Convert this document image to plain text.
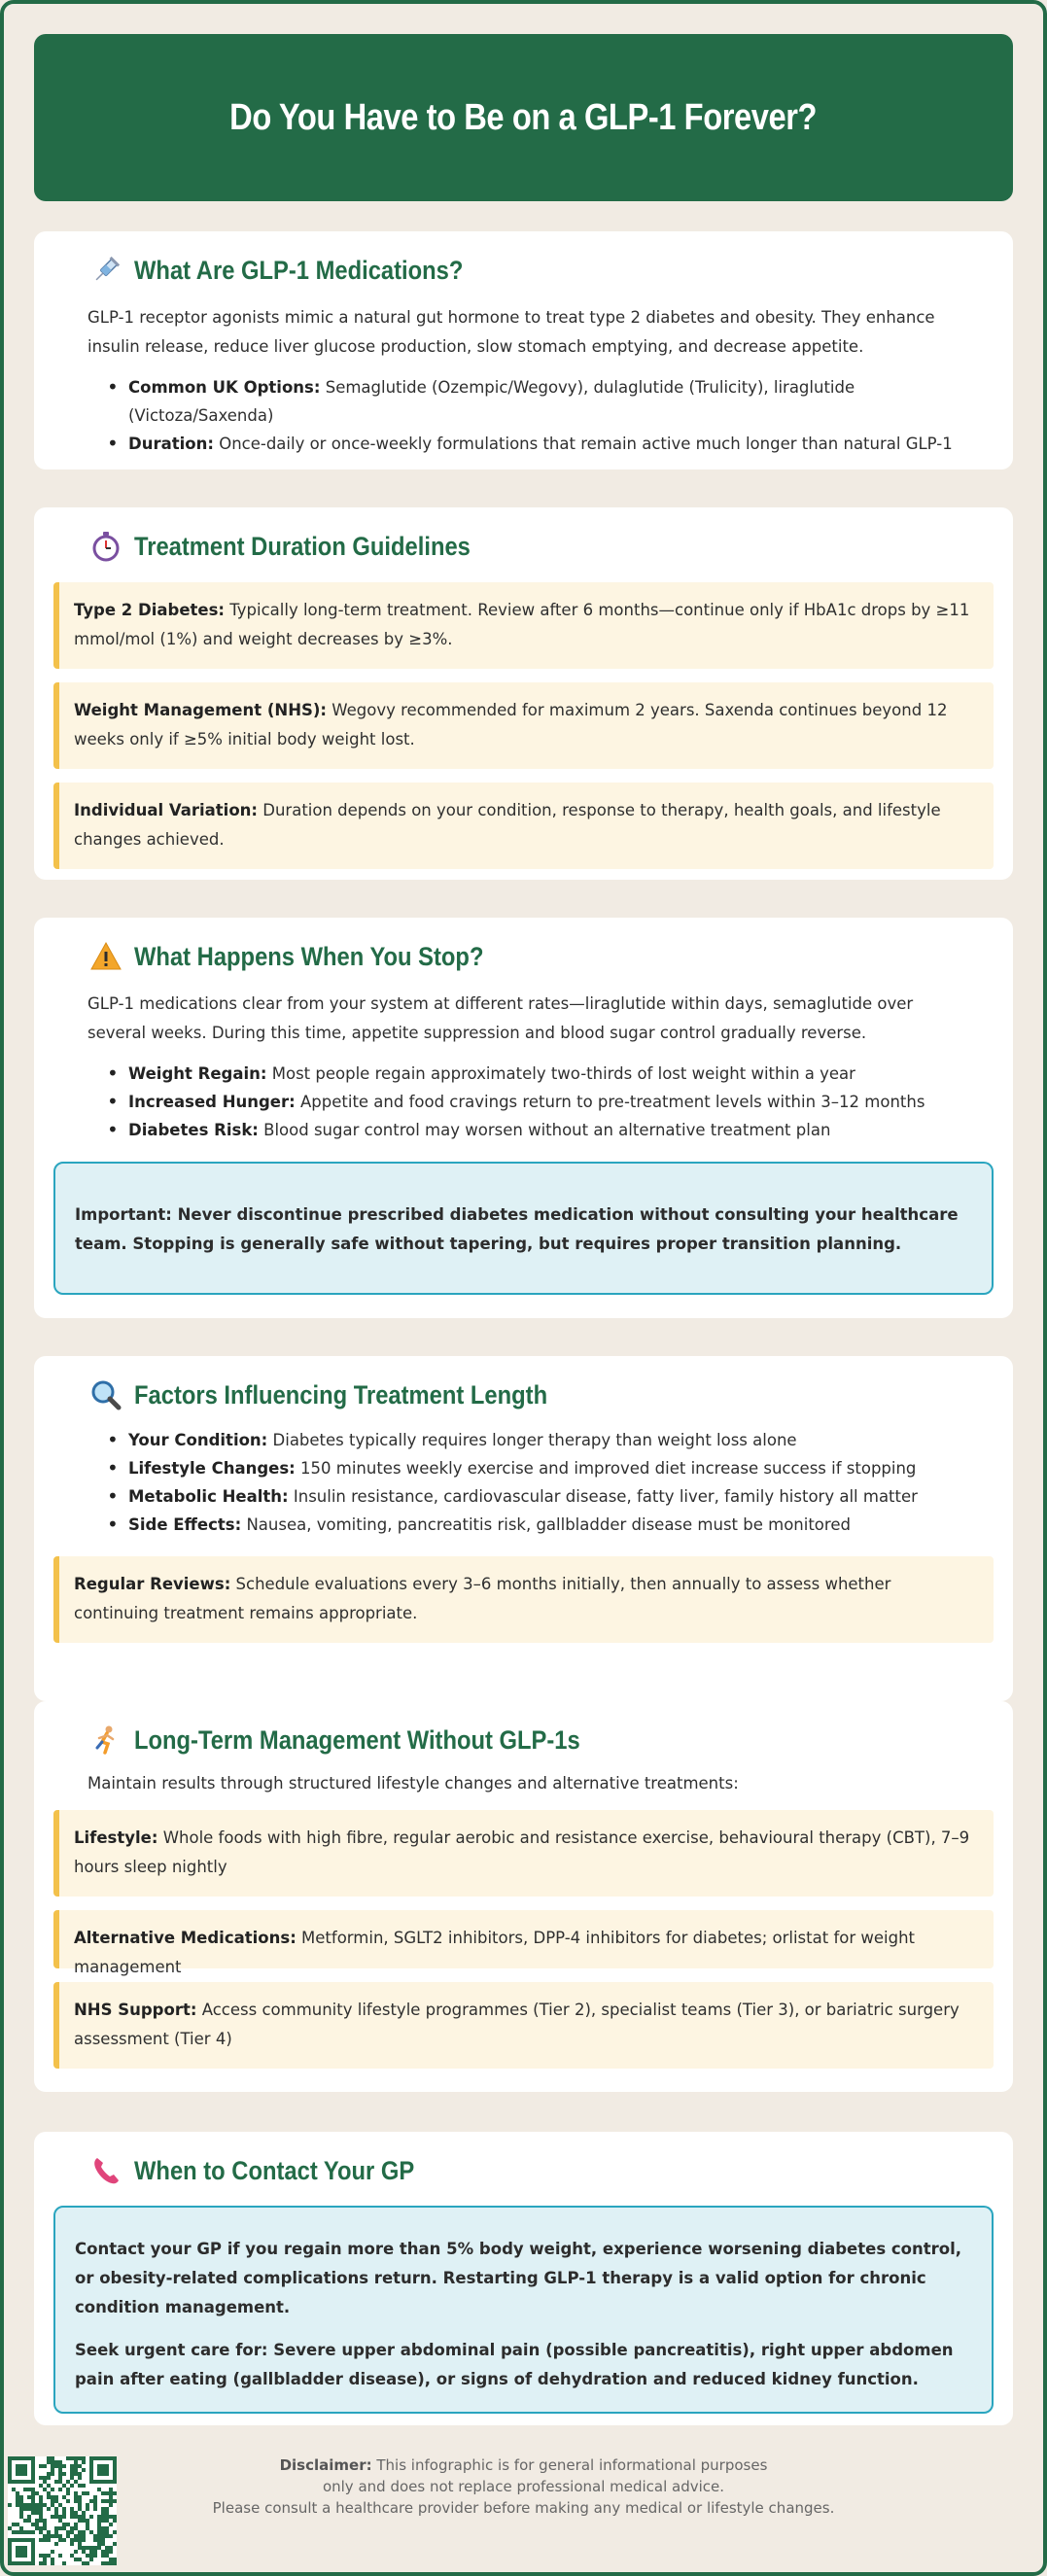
Do You Have to Be on a GLP-1 Forever?
What Are GLP-1 Medications?

GLP-1 receptor agonists mimic a natural gut hormone to treat type 2 diabetes and obesity. They enhance insulin release, reduce liver glucose production, slow stomach emptying, and decrease appetite.

• Common UK Options: Semaglutide (Ozempic/Wegovy), dulaglutide (Trulicity), liraglutide (Victoza/Saxenda)
• Duration: Once-daily or once-weekly formulations that remain active much longer than natural GLP-1
Treatment Duration Guidelines
Type 2 Diabetes: Typically long-term treatment. Review after 6 months—continue only if HbA1c drops by ≥11 mmol/mol (1%) and weight decreases by ≥3%.
Weight Management (NHS): Wegovy recommended for maximum 2 years. Saxenda continues beyond 12 weeks only if ≥5% initial body weight lost.
Individual Variation: Duration depends on your condition, response to therapy, health goals, and lifestyle changes achieved.
What Happens When You Stop?

GLP-1 medications clear from your system at different rates—liraglutide within days, semaglutide over several weeks. During this time, appetite suppression and blood sugar control gradually reverse.

• Weight Regain: Most people regain approximately two-thirds of lost weight within a year
• Increased Hunger: Appetite and food cravings return to pre-treatment levels within 3–12 months
• Diabetes Risk: Blood sugar control may worsen without an alternative treatment plan
Important: Never discontinue prescribed diabetes medication without consulting your healthcare team. Stopping is generally safe without tapering, but requires proper transition planning.
Factors Influencing Treatment Length
• Your Condition: Diabetes typically requires longer therapy than weight loss alone
• Lifestyle Changes: 150 minutes weekly exercise and improved diet increase success if stopping
• Metabolic Health: Insulin resistance, cardiovascular disease, fatty liver, family history all matter
• Side Effects: Nausea, vomiting, pancreatitis risk, gallbladder disease must be monitored
Regular Reviews: Schedule evaluations every 3–6 months initially, then annually to assess whether continuing treatment remains appropriate.
Long-Term Management Without GLP-1s

Maintain results through structured lifestyle changes and alternative treatments:

Lifestyle: Whole foods with high fibre, regular aerobic and resistance exercise, behavioural therapy (CBT), 7–9 hours sleep nightly
Alternative Medications: Metformin, SGLT2 inhibitors, DPP-4 inhibitors for diabetes; orlistat for weight management
NHS Support: Access community lifestyle programmes (Tier 2), specialist teams (Tier 3), or bariatric surgery assessment (Tier 4)
When to Contact Your GP
Contact your GP if you regain more than 5% body weight, experience worsening diabetes control, or obesity-related complications return. Restarting GLP-1 therapy is a valid option for chronic condition management.
Seek urgent care for: Severe upper abdominal pain (possible pancreatitis), right upper abdomen pain after eating (gallbladder disease), or signs of dehydration and reduced kidney function.
Disclaimer: This infographic is for general informational purposes
only and does not replace professional medical advice.
Please consult a healthcare provider before making any medical or lifestyle changes.
